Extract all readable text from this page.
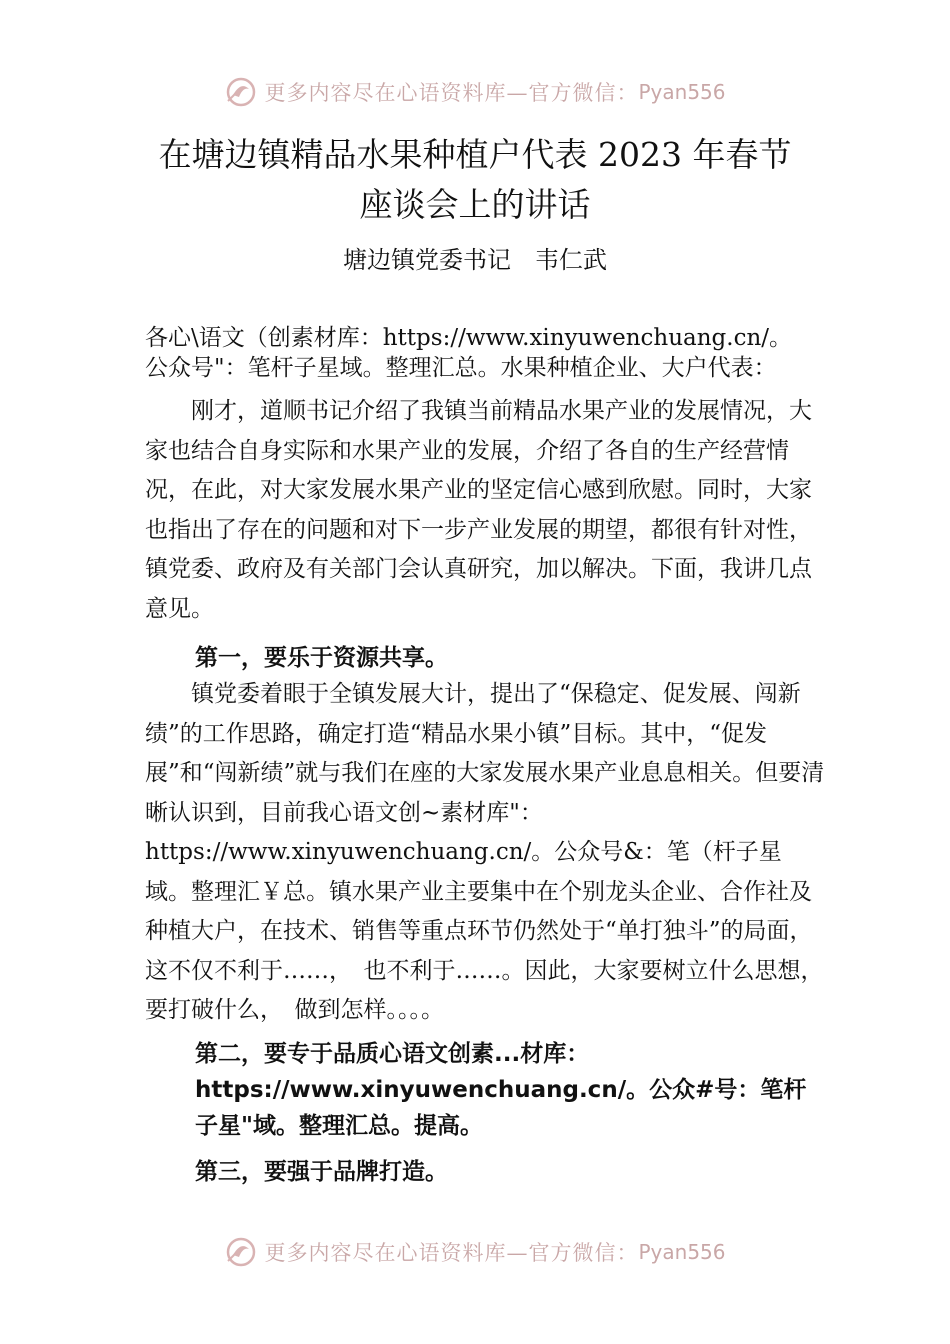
更多内容尽在心语资料库—官方微信： Pyan556
在塘边镇精品水果种植户代表 2023 年春节
座谈会上的讲话
塘边镇党委书记　韦仁武

各心\语文（创素材库：https://www.xinyuwenchuang.cn/。

公众号"：笔杆子星域。整理汇总。水果种植企业、大户代表：

刚才，道顺书记介绍了我镇当前精品水果产业的发展情况，大家也结合自身实际和水果产业的发展，介绍了各自的生产经营情况，在此，对大家发展水果产业的坚定信心感到欣慰。同时，大家也指出了存在的问题和对下一步产业发展的期望，都很有针对性，镇党委、政府及有关部门会认真研究，加以解决。下面，我讲几点意见。

第一，要乐于资源共享。

镇党委着眼于全镇发展大计，提出了“保稳定、促发展、闯新绩”的工作思路，确定打造“精品水果小镇”目标。其中，“促发展”和“闯新绩”就与我们在座的大家发展水果产业息息相关。但要清晰认识到，目前我心语文创~素材库"：https://www.xinyuwenchuang.cn/。公众号&：笔（杆子星域。整理汇￥总。镇水果产业主要集中在个别龙头企业、合作社及种植大户，在技术、销售等重点环节仍然处于“单打独斗”的局面，这不仅不利于……，　也不利于……。因此，大家要树立什么思想，要打破什么，　做到怎样。。。。

第二，要专于品质心语文创素...材库：https://www.xinyuwenchuang.cn/。公众#号：笔杆子星"域。整理汇总。提高。
第三，要强于品牌打造。
更多内容尽在心语资料库—官方微信： Pyan556
